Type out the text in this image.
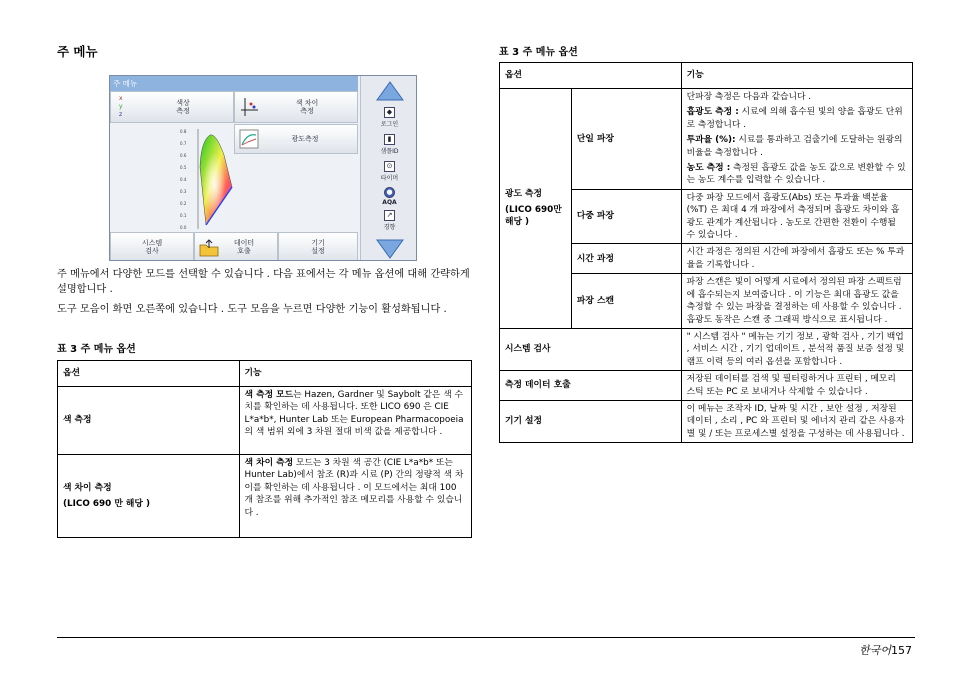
주 메뉴
주 메뉴
x
y
z
색상
측정
색 차이
측정
광도측정
0.8
0.7
0.6
0.5
0.4
0.3
0.2
0.1
0.0
시스템
검사
데이터
호출
기기
설정
◆
로그인
▮
샘플ID
⊙
타이머
●
AQA
↗
경향
주 메뉴에서 다양한 모드를 선택할 수 있습니다 . 다음 표에서는 각 메뉴 옵션에 대해 간략하게 설명합니다 .
도구 모음이 화면 오른쪽에 있습니다 . 도구 모음을 누르면 다양한 기능이 활성화됩니다 .
표 3 주 메뉴 옵션
옵션	기능
색 측정	색 측정 모드는 Hazen, Gardner 및 Saybolt 같은 색 수치를 확인하는 데 사용됩니다. 또한 LICO 690 은 CIE L*a*b*, Hunter Lab 또는 European Pharmacopoeia 의 색 범위 외에 3 차원 절대 비색 값을 제공합니다 .

색 차이 측정
(LICO 690 만 해당 )	색 차이 측정 모드는 3 차원 색 공간 (CIE L*a*b* 또는 Hunter Lab)에서 참조 (R)과 시료 (P) 간의 정량적 색 차이를 확인하는 데 사용됩니다 . 이 모드에서는 최대 100 개 참조를 위해 추가적인 참조 메모리를 사용할 수 있습니다 .
표 3 주 메뉴 옵션
옵션		기능

광도 측정
(LICO 690만 해당 )	단일 파장	단파장 측정은 다음과 같습니다 .
흡광도 측정 : 시료에 의해 흡수된 빛의 양을 흡광도 단위로 측정합니다 .
투과율 (%): 시료를 통과하고 검출기에 도달하는 원광의 비율을 측정합니다 .
농도 측정 : 측정된 흡광도 값을 농도 값으로 변환할 수 있는 농도 계수를 입력할 수 있습니다 .

	다중 파장	다중 파장 모드에서 흡광도(Abs) 또는 투과율 백분율 (%T) 은 최대 4 개 파장에서 측정되며 흡광도 차이와 흡광도 관계가 계산됩니다 . 농도로 간편한 전환이 수행될 수 있습니다 .
	시간 과정	시간 과정은 정의된 시간에 파장에서 흡광도 또는 % 투과율을 기록합니다 .
	파장 스캔	파장 스캔은 빛이 어떻게 시료에서 정의된 파장 스펙트럼에 흡수되는지 보여줍니다 . 이 기능은 최대 흡광도 값을 측정할 수 있는 파장을 결정하는 데 사용할 수 있습니다 . 흡광도 동작은 스캔 중 그래픽 방식으로 표시됩니다 .
시스템 검사		" 시스템 검사 " 메뉴는 기기 정보 , 광학 검사 , 기기 백업 , 서비스 시간 , 기기 업데이트 , 분석적 품질 보증 설정 및 램프 이력 등의 여러 옵션을 포함합니다 .
측정 데이터 호출		저장된 데이터를 검색 및 필터링하거나 프린터 , 메모리 스틱 또는 PC 로 보내거나 삭제할 수 있습니다 .
기기 설정		이 메뉴는 조작자 ID, 날짜 및 시간 , 보안 설정 , 저장된 데이터 , 소리 , PC 와 프린터 및 에너지 관리 같은 사용자별 및 / 또는 프로세스별 설정을 구성하는 데 사용됩니다 .
한국어157
